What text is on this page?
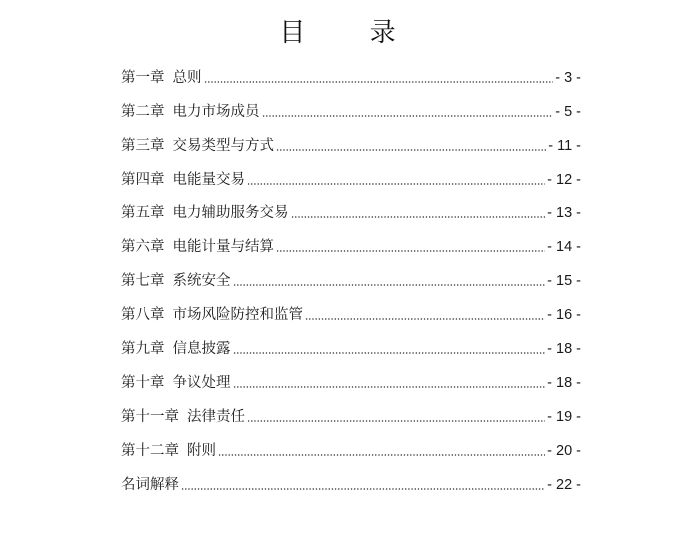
目 录
第一章 总则	- 3 -
第二章 电力市场成员	- 5 -
第三章 交易类型与方式	- 11 -
第四章 电能量交易	- 12 -
第五章 电力辅助服务交易	- 13 -
第六章 电能计量与结算	- 14 -
第七章 系统安全	- 15 -
第八章 市场风险防控和监管	- 16 -
第九章 信息披露	- 18 -
第十章 争议处理	- 18 -
第十一章 法律责任	- 19 -
第十二章 附则	- 20 -
名词解释	- 22 -
